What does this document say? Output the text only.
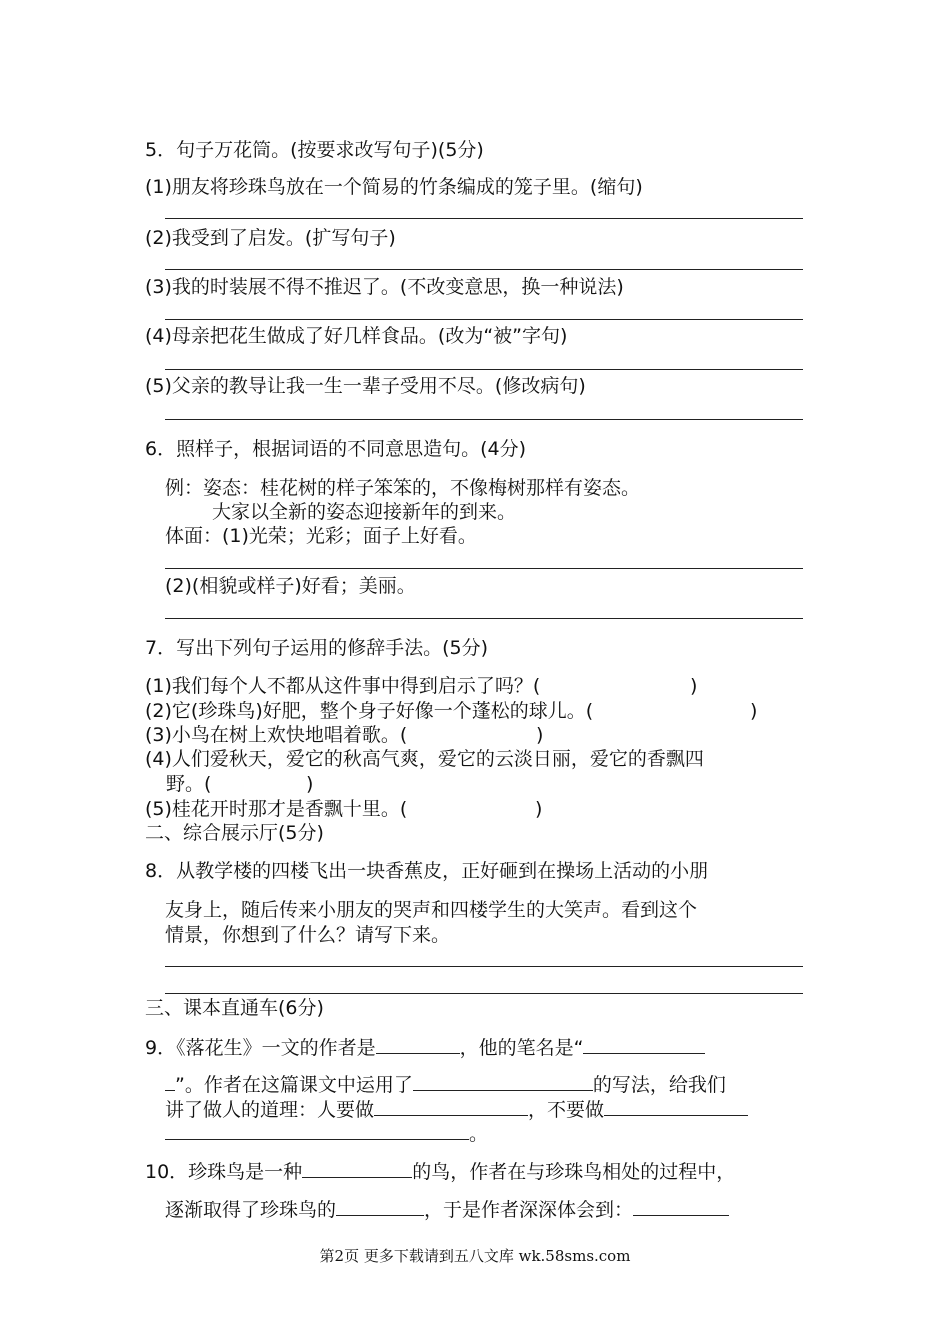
5．句子万花筒。(按要求改写句子)(5分)
(1)朋友将珍珠鸟放在一个简易的竹条编成的笼子里。(缩句)
(2)我受到了启发。(扩写句子)
(3)我的时装展不得不推迟了。(不改变意思，换一种说法)
(4)母亲把花生做成了好几样食品。(改为“被”字句)
(5)父亲的教导让我一生一辈子受用不尽。(修改病句)
6．照样子，根据词语的不同意思造句。(4分)
例：姿态：桂花树的样子笨笨的，不像梅树那样有姿态。
大家以全新的姿态迎接新年的到来。
体面：(1)光荣；光彩；面子上好看。
(2)(相貌或样子)好看；美丽。
7．写出下列句子运用的修辞手法。(5分)
(1)我们每个人不都从这件事中得到启示了吗？(	)
(2)它(珍珠鸟)好肥，整个身子好像一个蓬松的球儿。(	)
(3)小鸟在树上欢快地唱着歌。(	)
(4)人们爱秋天，爱它的秋高气爽，爱它的云淡日丽，爱它的香飘四
野。(	)
(5)桂花开时那才是香飘十里。(	)
二、综合展示厅(5分)
8．从教学楼的四楼飞出一块香蕉皮，正好砸到在操场上活动的小朋
友身上，随后传来小朋友的哭声和四楼学生的大笑声。看到这个
情景，你想到了什么？请写下来。
三、课本直通车(6分)
9．《落花生》一文的作者是	，他的笔名是“
”。作者在这篇课文中运用了	的写法，给我们
讲了做人的道理：人要做	，不要做
。
10．珍珠鸟是一种	的鸟，作者在与珍珠鸟相处的过程中，
逐渐取得了珍珠鸟的	，于是作者深深体会到：
第2页 更多下载请到五八文库 wk.58sms.com
